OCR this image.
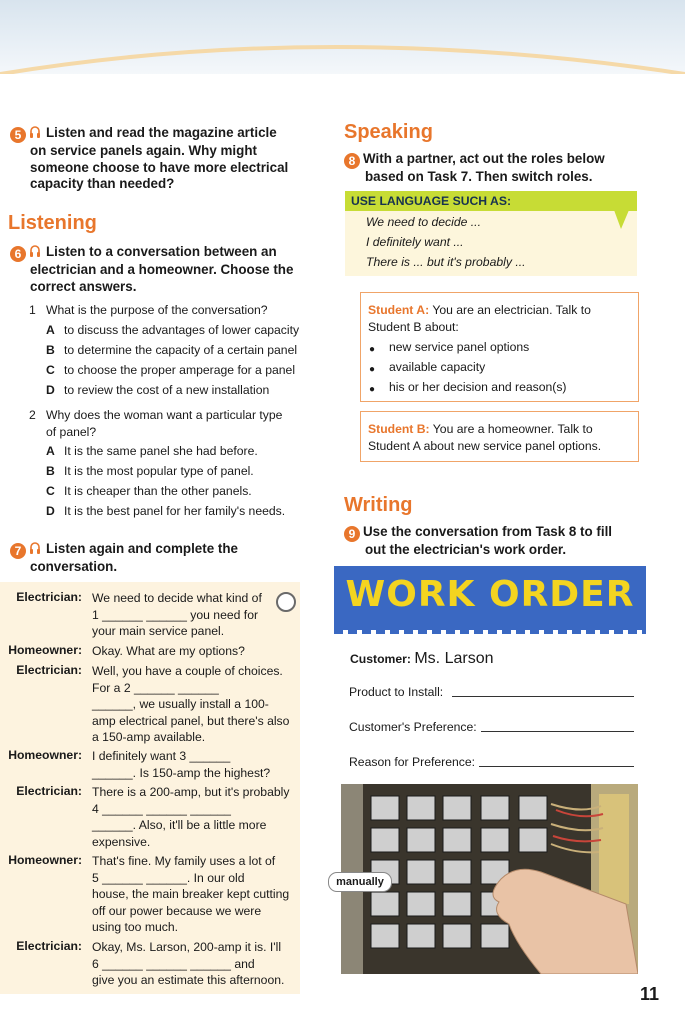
5 Listen and read the magazine article
on service panels again. Why might
someone choose to have more electrical
capacity than needed?
Listening
6 Listen to a conversation between an
electrician and a homeowner. Choose the
correct answers.
1 What is the purpose of the conversation?
A to discuss the advantages of lower capacity
B to determine the capacity of a certain panel
C to choose the proper amperage for a panel
D to review the cost of a new installation
2 Why does the woman want a particular type
of panel?
A It is the same panel she had before.
B It is the most popular type of panel.
C It is cheaper than the other panels.
D It is the best panel for her family's needs.
7 Listen again and complete the
conversation.
Electrician: We need to decide what kind of
1 ______ ______ you need for
your main service panel.
Homeowner: Okay. What are my options?
Electrician: Well, you have a couple of choices.
For a 2 ______ ______
______, we usually install a 100-
amp electrical panel, but there's also
a 150-amp available.
Homeowner: I definitely want 3 ______
______. Is 150-amp the highest?
Electrician: There is a 200-amp, but it's probably
4 ______ ______ ______
______. Also, it'll be a little more
expensive.
Homeowner: That's fine. My family uses a lot of
5 ______ ______. In our old
house, the main breaker kept cutting
off our power because we were
using too much.
Electrician: Okay, Ms. Larson, 200-amp it is. I'll
6 ______ ______ ______ and
give you an estimate this afternoon.
Speaking
8 With a partner, act out the roles below
based on Task 7. Then switch roles.
USE LANGUAGE SUCH AS:
We need to decide ...
I definitely want ...
There is ... but it's probably ...
Student A: You are an electrician. Talk to
Student B about:
● new service panel options
● available capacity
● his or her decision and reason(s)
Student B: You are a homeowner. Talk to
Student A about new service panel options.
Writing
9 Use the conversation from Task 8 to fill
out the electrician's work order.
WORK ORDER
Customer: Ms. Larson
Product to Install:
Customer's Preference:
Reason for Preference:
manually
11
